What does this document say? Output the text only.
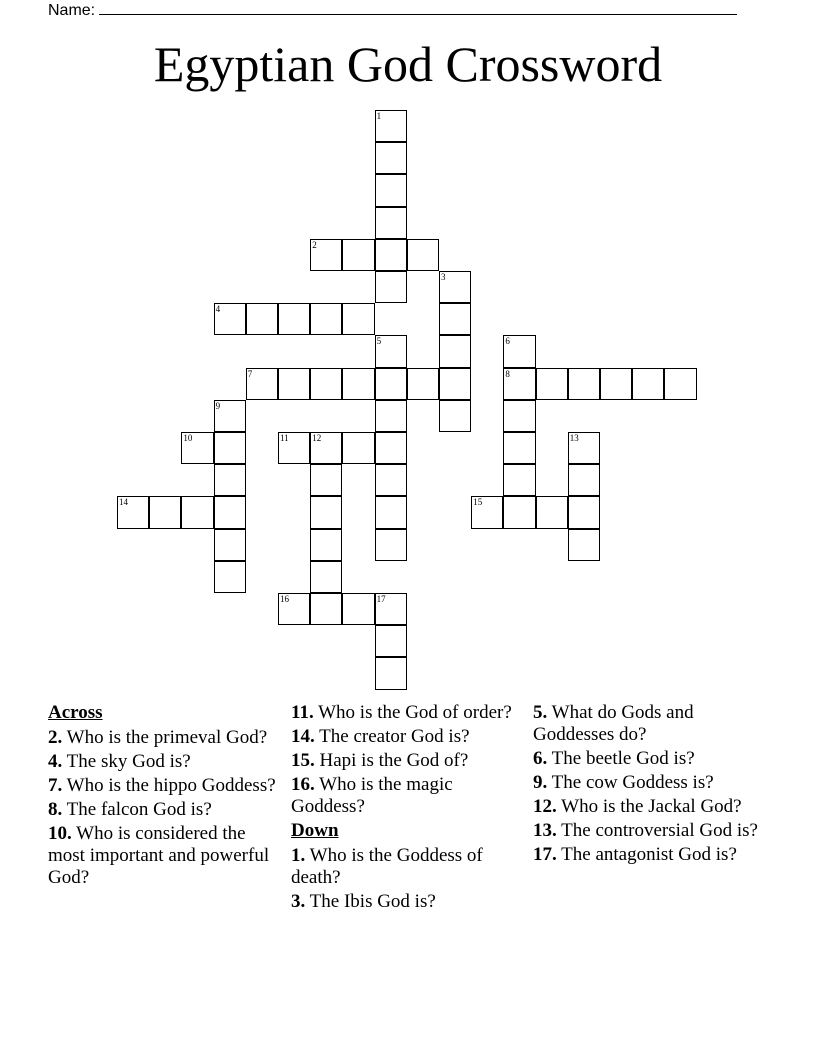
Name:
Egyptian God Crossword
1
2
3
4
5	6
7	8
9
10	11	12	13
14	15
16	17
Across
2. Who is the primeval God?
4. The sky God is?
7. Who is the hippo Goddess?
8. The falcon God is?
10. Who is considered the most important and powerful God?
11. Who is the God of order?
14. The creator God is?
15. Hapi is the God of?
16. Who is the magic Goddess?
Down
1. Who is the Goddess of death?
3. The Ibis God is?
5. What do Gods and Goddesses do?
6. The beetle God is?
9. The cow Goddess is?
12. Who is the Jackal God?
13. The controversial God is?
17. The antagonist God is?
